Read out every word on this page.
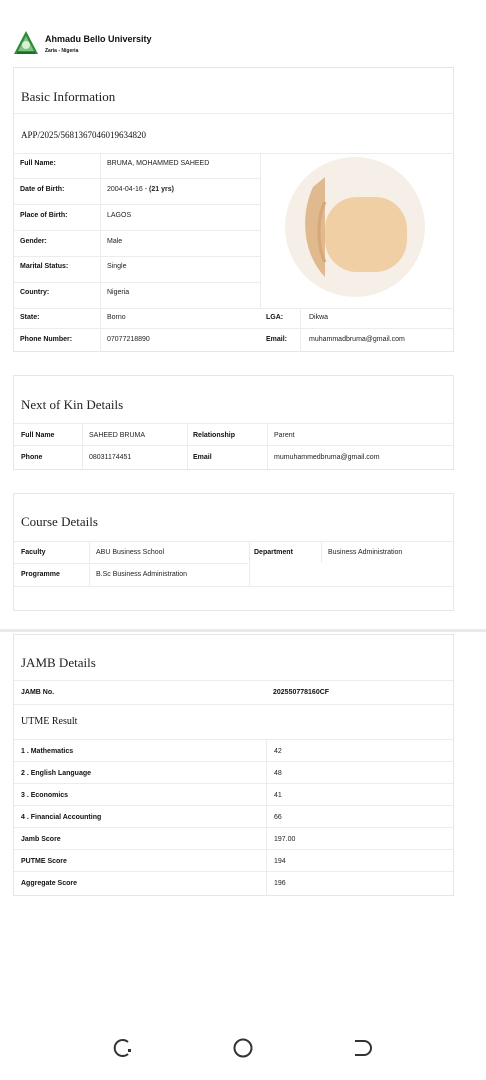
Ahmadu Bello University
Zaria - Nigeria
Basic Information
APP/2025/5681367046019634820
Full Name:	BRUMA, MOHAMMED SAHEED
Date of Birth:	2004-04-16 - (21 yrs)
Place of Birth:	LAGOS
Gender:	Male
Marital Status:	Single
Country:	Nigeria
State:	Borno	LGA:	Dikwa
Phone Number:	07077218890	Email:	muhammadbruma@gmail.com
Next of Kin Details
Full Name	SAHEED BRUMA	Relationship	Parent
Phone	08031174451	Email	mumuhammedbruma@gmail.com
Course Details
Faculty	ABU Business School	Department	Business Administration
Programme	B.Sc Business Administration
JAMB Details
JAMB No.	202550778160CF
UTME Result
1 . Mathematics	42
2 . English Language	48
3 . Economics	41
4 . Financial Accounting	66
Jamb Score	197.00
PUTME Score	194
Aggregate Score	196
